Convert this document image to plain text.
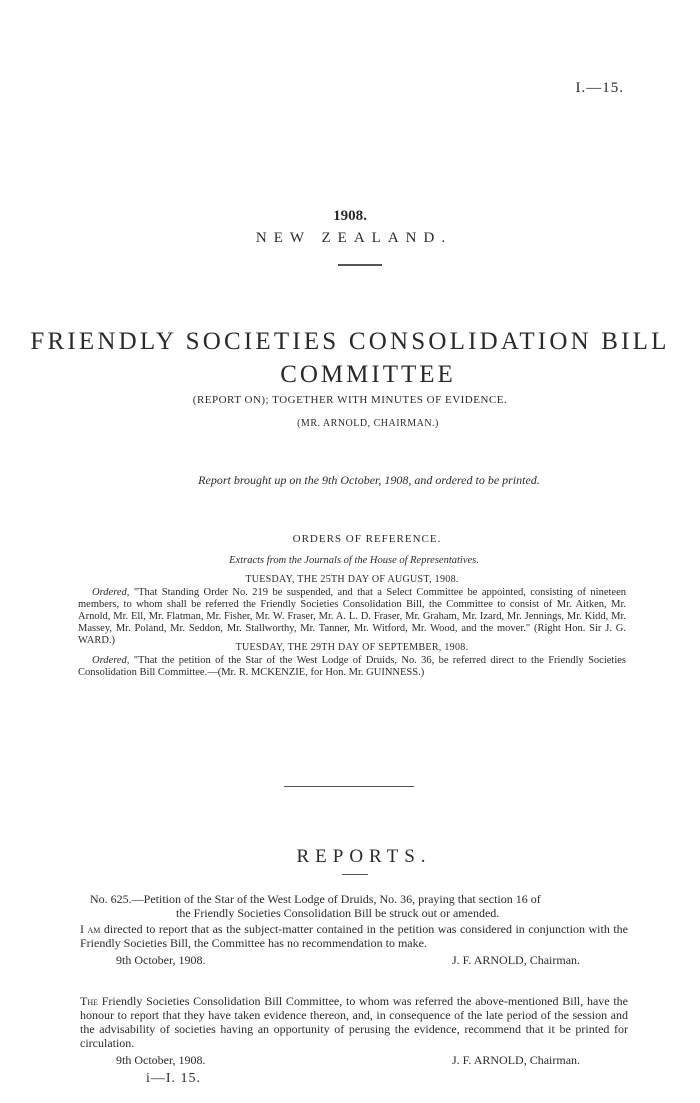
I.—15.
1908.
NEW ZEALAND.
FRIENDLY SOCIETIES CONSOLIDATION BILL
COMMITTEE
(REPORT ON); TOGETHER WITH MINUTES OF EVIDENCE.
(MR. ARNOLD, CHAIRMAN.)
Report brought up on the 9th October, 1908, and ordered to be printed.
ORDERS OF REFERENCE.
Extracts from the Journals of the House of Representatives.
TUESDAY, THE 25TH DAY OF AUGUST, 1908.
Ordered, "That Standing Order No. 219 be suspended, and that a Select Committee be appointed, consisting of nineteen members, to whom shall be referred the Friendly Societies Consolidation Bill, the Committee to consist of Mr. Aitken, Mr. Arnold, Mr. Ell, Mr. Flatman, Mr. Fisher, Mr. W. Fraser, Mr. A. L. D. Fraser, Mr. Graham, Mr. Izard, Mr. Jennings, Mr. Kidd, Mr. Massey, Mr. Poland, Mr. Seddon, Mr. Stallworthy, Mr. Tanner, Mr. Witford, Mr. Wood, and the mover." (Right Hon. Sir J. G. WARD.)
TUESDAY, THE 29TH DAY OF SEPTEMBER, 1908.
Ordered, "That the petition of the Star of the West Lodge of Druids, No. 36, be referred direct to the Friendly Societies Consolidation Bill Committee.—(Mr. R. MCKENZIE, for Hon. Mr. GUINNESS.)
REPORTS.
No. 625.—Petition of the Star of the West Lodge of Druids, No. 36, praying that section 16 of
the Friendly Societies Consolidation Bill be struck out or amended.
I am directed to report that as the subject-matter contained in the petition was considered in conjunction with the Friendly Societies Bill, the Committee has no recommendation to make.
9th October, 1908.	J. F. ARNOLD, Chairman.
The Friendly Societies Consolidation Bill Committee, to whom was referred the above-mentioned Bill, have the honour to report that they have taken evidence thereon, and, in consequence of the late period of the session and the advisability of societies having an opportunity of perusing the evidence, recommend that it be printed for circulation.
9th October, 1908.	J. F. ARNOLD, Chairman.
i—I. 15.
